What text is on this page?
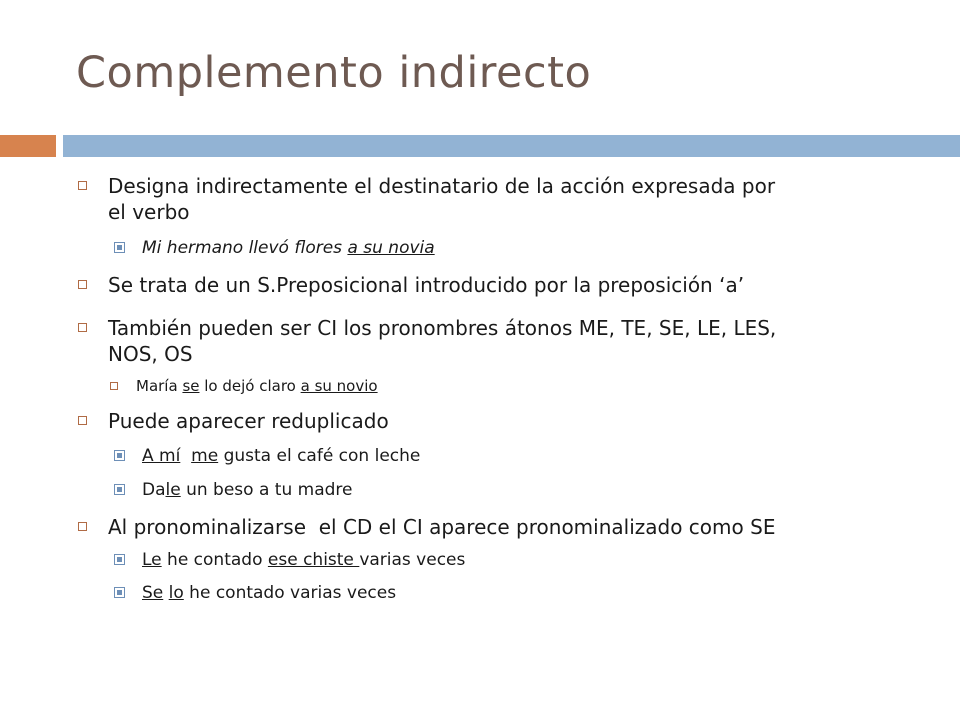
Complemento indirecto
Designa indirectamente el destinatario de la acción expresada por
el verbo
Mi hermano llevó flores a su novia
Se trata de un S.Preposicional introducido por la preposición ‘a’
También pueden ser CI los pronombres átonos ME, TE, SE, LE, LES,
NOS, OS
María se lo dejó claro a su novio
Puede aparecer reduplicado
A mí me gusta el café con leche
Dale un beso a tu madre
Al pronominalizarse  el CD el CI aparece pronominalizado como SE
Le he contado ese chiste varias veces
Se lo he contado varias veces
